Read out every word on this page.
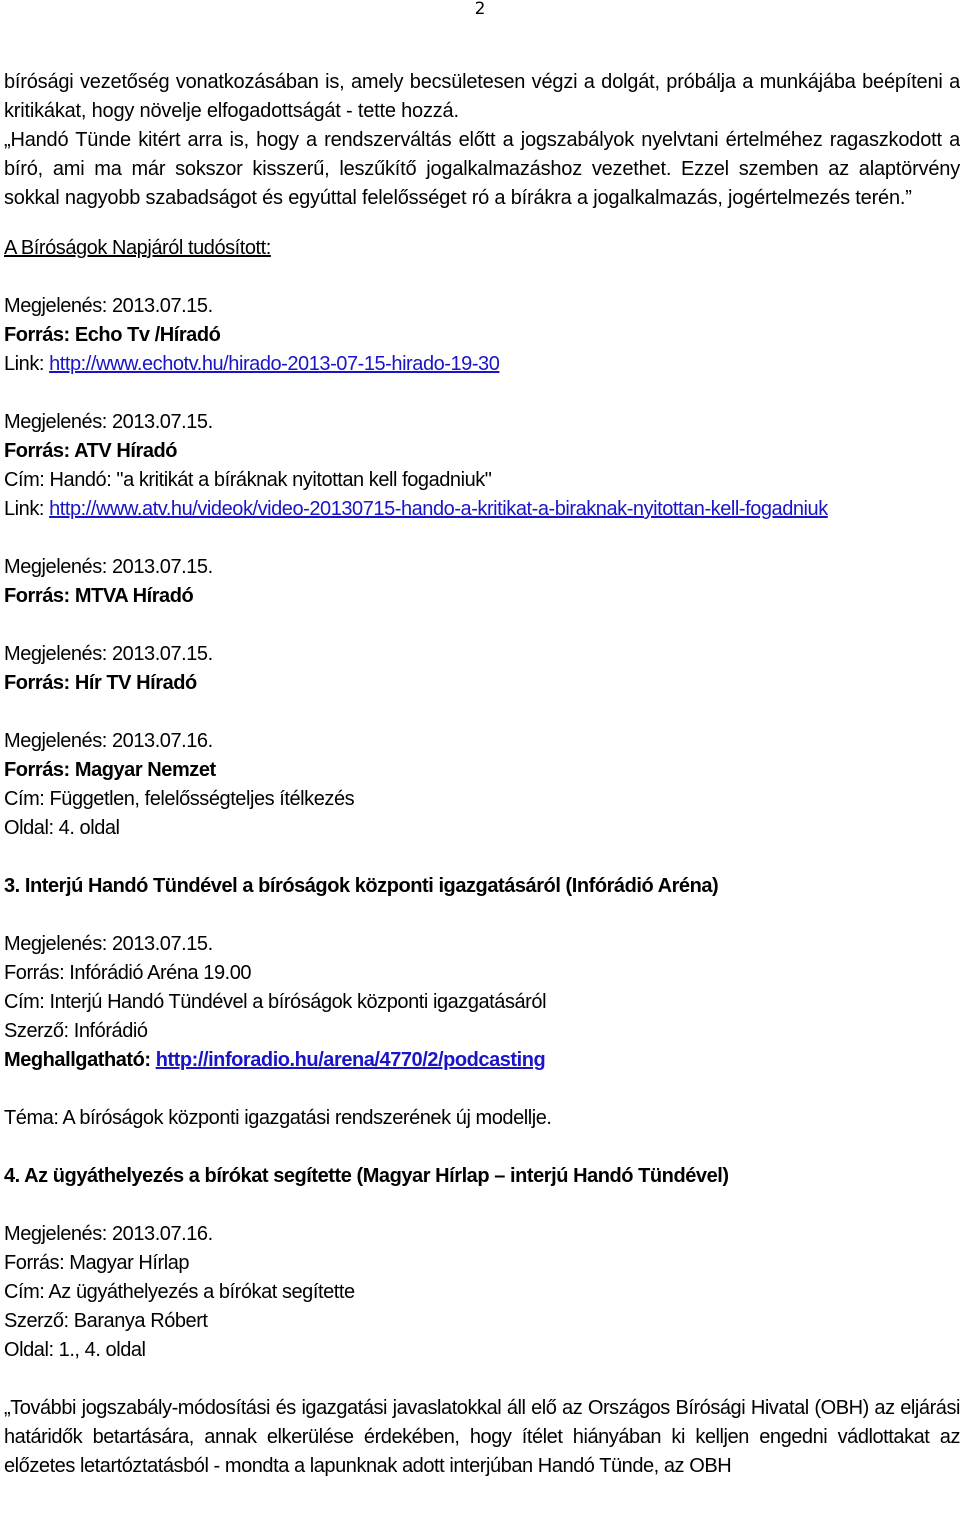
2

bírósági vezetőség vonatkozásában is, amely becsületesen végzi a dolgát, próbálja a munkájába beépíteni a kritikákat, hogy növelje elfogadottságát - tette hozzá.

„Handó Tünde kitért arra is, hogy a rendszerváltás előtt a jogszabályok nyelvtani értelméhez ragaszkodott a bíró, ami ma már sokszor kisszerű, leszűkítő jogalkalmazáshoz vezethet. Ezzel szemben az alaptörvény sokkal nagyobb szabadságot és egyúttal felelősséget ró a bírákra a jogalkalmazás, jogértelmezés terén.”

A Bíróságok Napjáról tudósított:

Megjelenés: 2013.07.15.

Forrás: Echo Tv /Híradó

Link: http://www.echotv.hu/hirado-2013-07-15-hirado-19-30

Megjelenés: 2013.07.15.

Forrás: ATV Híradó

Cím: Handó: "a kritikát a bíráknak nyitottan kell fogadniuk"

Link: http://www.atv.hu/videok/video-20130715-hando-a-kritikat-a-biraknak-nyitottan-kell-fogadniuk

Megjelenés: 2013.07.15.

Forrás: MTVA Híradó

Megjelenés: 2013.07.15.

Forrás: Hír TV Híradó

Megjelenés: 2013.07.16.

Forrás: Magyar Nemzet

Cím: Független, felelősségteljes ítélkezés

Oldal: 4. oldal

3. Interjú Handó Tündével a bíróságok központi igazgatásáról (Infórádió Aréna)

Megjelenés: 2013.07.15.

Forrás: Infórádió Aréna 19.00

Cím: Interjú Handó Tündével a bíróságok központi igazgatásáról

Szerző: Infórádió

Meghallgatható: http://inforadio.hu/arena/4770/2/podcasting

Téma: A bíróságok központi igazgatási rendszerének új modellje.

4. Az ügyáthelyezés a bírókat segítette (Magyar Hírlap – interjú Handó Tündével)

Megjelenés: 2013.07.16.

Forrás: Magyar Hírlap

Cím: Az ügyáthelyezés a bírókat segítette

Szerző: Baranya Róbert

Oldal: 1., 4. oldal

„További jogszabály-módosítási és igazgatási javaslatokkal áll elő az Országos Bírósági Hivatal (OBH) az eljárási határidők betartására, annak elkerülése érdekében, hogy ítélet hiányában ki kelljen engedni vádlottakat az előzetes letartóztatásból - mondta a lapunknak adott interjúban Handó Tünde, az OBH
